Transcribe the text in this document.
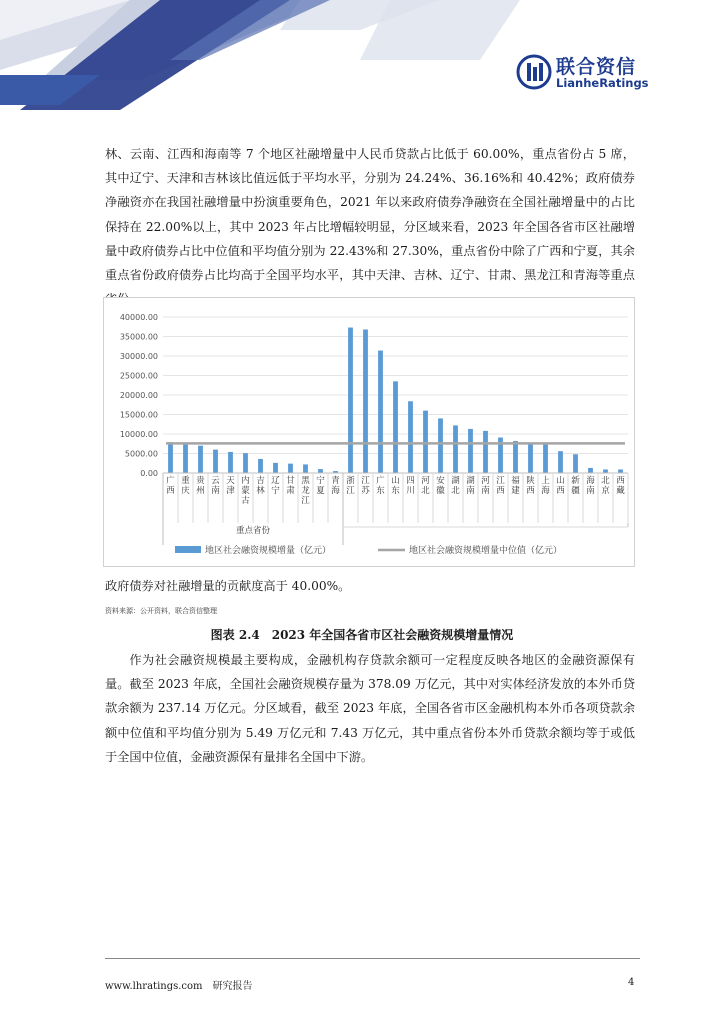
联合资信
LianheRatings

林、云南、江西和海南等 7 个地区社融增量中人民币贷款占比低于 60.00%，重点省份占 5 席，其中辽宁、天津和吉林该比值远低于平均水平，分别为 24.24%、36.16%和 40.42%；政府债券净融资亦在我国社融增量中扮演重要角色，2021 年以来政府债券净融资在全国社融增量中的占比保持在 22.00%以上，其中 2023 年占比增幅较明显，分区域来看，2023 年全国各省市区社融增量中政府债券占比中位值和平均值分别为 22.43%和 27.30%，重点省份中除了广西和宁夏，其余重点省份政府债券占比均高于全国平均水平，其中天津、吉林、辽宁、甘肃、黑龙江和青海等重点

0.00
5000.00
10000.00
15000.00
20000.00
25000.00
30000.00
35000.00
40000.00
广西
重庆
贵州
云南
天津
内蒙古
吉林
辽宁
甘肃
黑龙江
宁夏
青海
浙江
江苏
广东
山东
四川
河北
安徽
湖北
湖南
河南
江西
福建
陕西
上海
山西
新疆
海南
北京
西藏
重点省份
地区社会融资规模增量（亿元）	地区社会融资规模增量中位值（亿元）

政府债券对社融增量的贡献度高于 40.00%。

资料来源：公开资料，联合资信整理
图表 2.4　2023 年全国各省市区社会融资规模增量情况

作为社会融资规模最主要构成，金融机构存贷款余额可一定程度反映各地区的金融资源保有量。截至 2023 年底，全国社会融资规模存量为 378.09 万亿元，其中对实体经济发放的本外币贷款余额为 237.14 万亿元。分区域看，截至 2023 年底，全国各省市区金融机构本外币各项贷款余额中位值和平均值分别为 5.49 万亿元和 7.43 万亿元，其中重点省份本外币贷款余额均等于或低于全国中位值，金融资源保有量排名全国中下游。

www.lhratings.com　研究报告	4
